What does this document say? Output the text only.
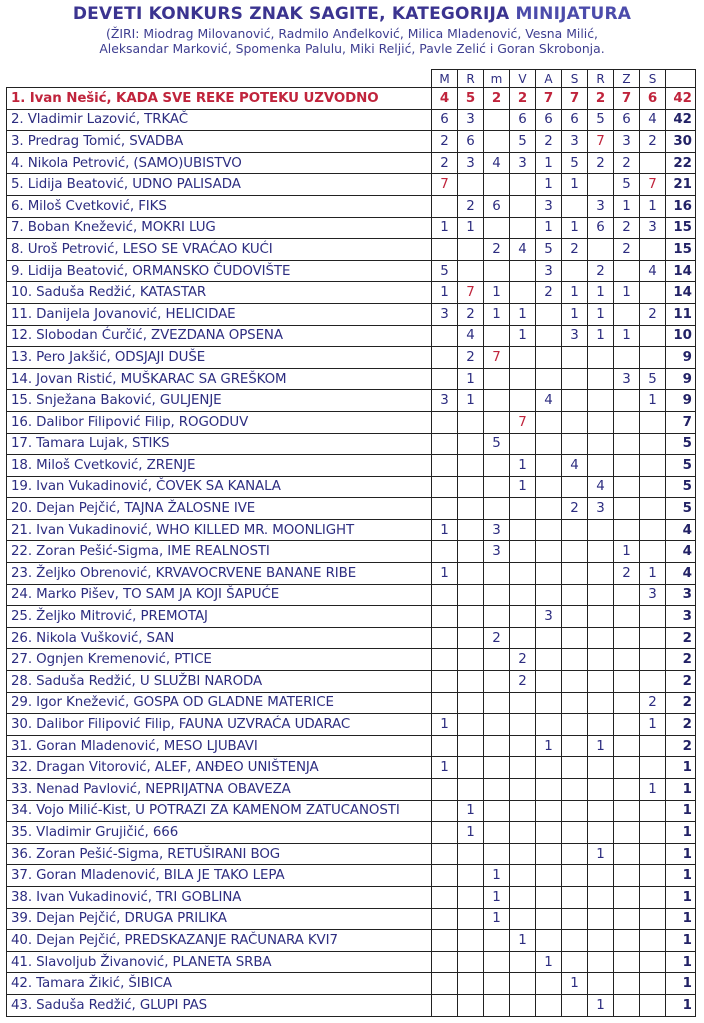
DEVETI KONKURS ZNAK SAGITE, KATEGORIJA MINIJATURA
(ŽIRI: Miodrag Milovanović, Radmilo Anđelković, Milica Mladenović, Vesna Milić,
Aleksandar Marković, Spomenka Palulu, Miki Reljić, Pavle Zelić i Goran Skrobonja.
	M	R	m	V	A	S	R	Z	S	
1. Ivan Nešić, KADA SVE REKE POTEKU UZVODNO	4	5	2	2	7	7	2	7	6	42
2. Vladimir Lazović, TRKAČ	6	3		6	6	6	5	6	4	42
3. Predrag Tomić, SVADBA	2	6		5	2	3	7	3	2	30
4. Nikola Petrović, (SAMO)UBISTVO	2	3	4	3	1	5	2	2		22
5. Lidija Beatović, UDNO PALISADA	7				1	1		5	7	21
6. Miloš Cvetković, FIKS		2	6		3		3	1	1	16
7. Boban Knežević, MOKRI LUG	1	1			1	1	6	2	3	15
8. Uroš Petrović, LESO SE VRAĆAO KUĆI			2	4	5	2		2		15
9. Lidija Beatović, ORMANSKO ČUDOVIŠTE	5				3		2		4	14
10. Saduša Redžić, KATASTAR	1	7	1		2	1	1	1		14
11. Danijela Jovanović, HELICIDAE	3	2	1	1		1	1		2	11
12. Slobodan Ćurčić, ZVEZDANA OPSENA		4		1		3	1	1		10
13. Pero Jakšić, ODSJAJI DUŠE		2	7							9
14. Jovan Ristić, MUŠKARAC SA GREŠKOM		1						3	5	9
15. Snježana Baković, GULJENJE	3	1			4				1	9
16. Dalibor Filipović Filip, ROGODUV				7						7
17. Tamara Lujak, STIKS			5							5
18. Miloš Cvetković, ZRENJE				1		4				5
19. Ivan Vukadinović, ČOVEK SA KANALA				1			4			5
20. Dejan Pejčić, TAJNA ŽALOSNE IVE						2	3			5
21. Ivan Vukadinović, WHO KILLED MR. MOONLIGHT	1		3							4
22. Zoran Pešić-Sigma, IME REALNOSTI			3					1		4
23. Željko Obrenović, KRVAVOCRVENE BANANE RIBE	1							2	1	4
24. Marko Pišev, TO SAM JA KOJI ŠAPUĆE									3	3
25. Željko Mitrović, PREMOTAJ					3					3
26. Nikola Vušković, SAN			2							2
27. Ognjen Kremenović, PTICE				2						2
28. Saduša Redžić, U SLUŽBI NARODA				2						2
29. Igor Knežević, GOSPA OD GLADNE MATERICE									2	2
30. Dalibor Filipović Filip, FAUNA UZVRAĆA UDARAC	1								1	2
31. Goran Mladenović, MESO LJUBAVI					1		1			2
32. Dragan Vitorović, ALEF, ANĐEO UNIŠTENJA	1									1
33. Nenad Pavlović, NEPRIJATNA OBAVEZA									1	1
34. Vojo Milić-Kist, U POTRAZI ZA KAMENOM ZATUCANOSTI		1								1
35. Vladimir Grujičić, 666		1								1
36. Zoran Pešić-Sigma, RETUŠIRANI BOG							1			1
37. Goran Mladenović, BILA JE TAKO LEPA			1							1
38. Ivan Vukadinović, TRI GOBLINA			1							1
39. Dejan Pejčić, DRUGA PRILIKA			1							1
40. Dejan Pejčić, PREDSKAZANJE RAČUNARA KVI7				1						1
41. Slavoljub Živanović, PLANETA SRBA					1					1
42. Tamara Žikić, ŠIBICA						1				1
43. Saduša Redžić, GLUPI PAS							1			1
